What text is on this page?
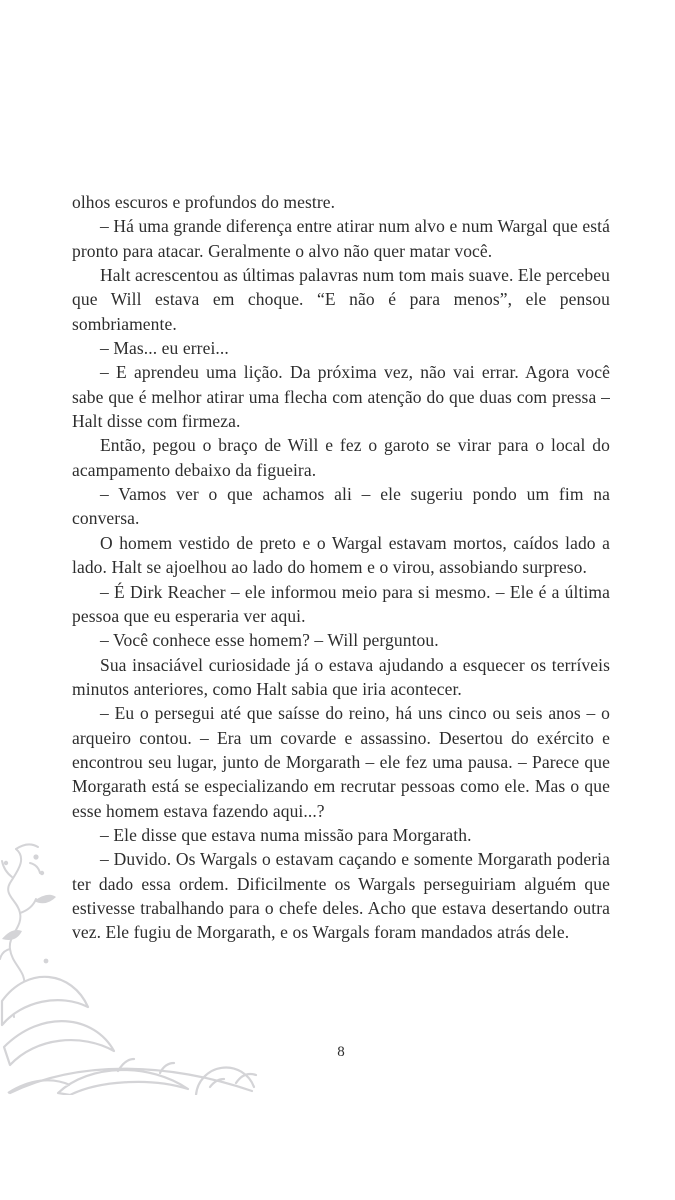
olhos escuros e profundos do mestre.

– Há uma grande diferença entre atirar num alvo e num Wargal que está pronto para atacar. Geralmente o alvo não quer matar você.

Halt acrescentou as últimas palavras num tom mais suave. Ele percebeu que Will estava em choque. “E não é para menos”, ele pensou sombriamente.

– Mas... eu errei...

– E aprendeu uma lição. Da próxima vez, não vai errar. Agora você sabe que é melhor atirar uma flecha com atenção do que duas com pressa – Halt disse com firmeza.

Então, pegou o braço de Will e fez o garoto se virar para o local do acampamento debaixo da figueira.

– Vamos ver o que achamos ali – ele sugeriu pondo um fim na conversa.

O homem vestido de preto e o Wargal estavam mortos, caídos lado a lado. Halt se ajoelhou ao lado do homem e o virou, assobiando surpreso.

– É Dirk Reacher – ele informou meio para si mesmo. – Ele é a última pessoa que eu esperaria ver aqui.

– Você conhece esse homem? – Will perguntou.

Sua insaciável curiosidade já o estava ajudando a esquecer os terríveis minutos anteriores, como Halt sabia que iria acontecer.

– Eu o persegui até que saísse do reino, há uns cinco ou seis anos – o arqueiro contou. – Era um covarde e assassino. Desertou do exército e encontrou seu lugar, junto de Morgarath – ele fez uma pausa. – Parece que Morgarath está se especializando em recrutar pessoas como ele. Mas o que esse homem estava fazendo aqui...?

– Ele disse que estava numa missão para Morgarath.

– Duvido. Os Wargals o estavam caçando e somente Morgarath poderia ter dado essa ordem. Dificilmente os Wargals perseguiriam alguém que estivesse trabalhando para o chefe deles. Acho que estava desertando outra vez. Ele fugiu de Morgarath, e os Wargals foram mandados atrás dele.

8
